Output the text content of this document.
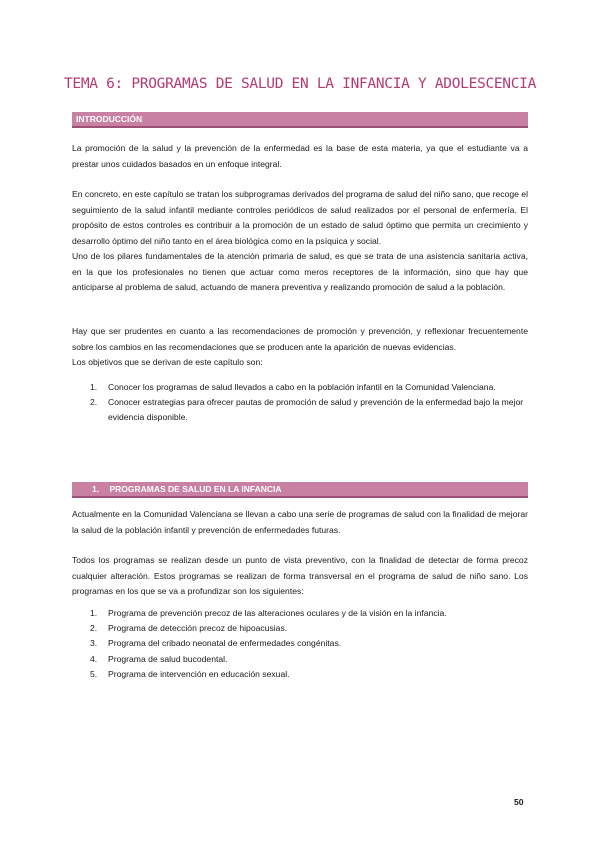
TEMA 6: PROGRAMAS DE SALUD EN LA INFANCIA Y ADOLESCENCIA
INTRODUCCIÓN

La promoción de la salud y la prevención de la enfermedad es la base de esta materia, ya que el estudiante va a prestar unos cuidados basados en un enfoque integral.

En concreto, en este capítulo se tratan los subprogramas derivados del programa de salud del niño sano, que recoge el seguimiento de la salud infantil mediante controles periódicos de salud realizados por el personal de enfermería. El propósito de estos controles es contribuir a la promoción de un estado de salud óptimo que permita un crecimiento y desarrollo óptimo del niño tanto en el área biológica como en la psíquica y social.

Uno de los pilares fundamentales de la atención primaria de salud, es que se trata de una asistencia sanitaria activa, en la que los profesionales no tienen que actuar como meros receptores de la información, sino que hay que anticiparse al problema de salud, actuando de manera preventiva y realizando promoción de salud a la población.

Hay que ser prudentes en cuanto a las recomendaciones de promoción y prevención, y reflexionar frecuentemente sobre los cambios en las recomendaciones que se producen ante la aparición de nuevas evidencias.

Los objetivos que se derivan de este capítulo son:

1. Conocer los programas de salud llevados a cabo en la población infantil en la Comunidad Valenciana.
2. Conocer estrategias para ofrecer pautas de promoción de salud y prevención de la enfermedad bajo la mejor evidencia disponible.
1. PROGRAMAS DE SALUD EN LA INFANCIA

Actualmente en la Comunidad Valenciana se llevan a cabo una serie de programas de salud con la finalidad de mejorar la salud de la población infantil y prevención de enfermedades futuras.

Todos los programas se realizan desde un punto de vista preventivo, con la finalidad de detectar de forma precoz cualquier alteración. Estos programas se realizan de forma transversal en el programa de salud de niño sano. Los programas en los que se va a profundizar son los siguientes:

1. Programa de prevención precoz de las alteraciones oculares y de la visión en la infancia.
2. Programa de detección precoz de hipoacusias.
3. Programa del cribado neonatal de enfermedades congénitas.
4. Programa de salud bucodental.
5. Programa de intervención en educación sexual.
50
